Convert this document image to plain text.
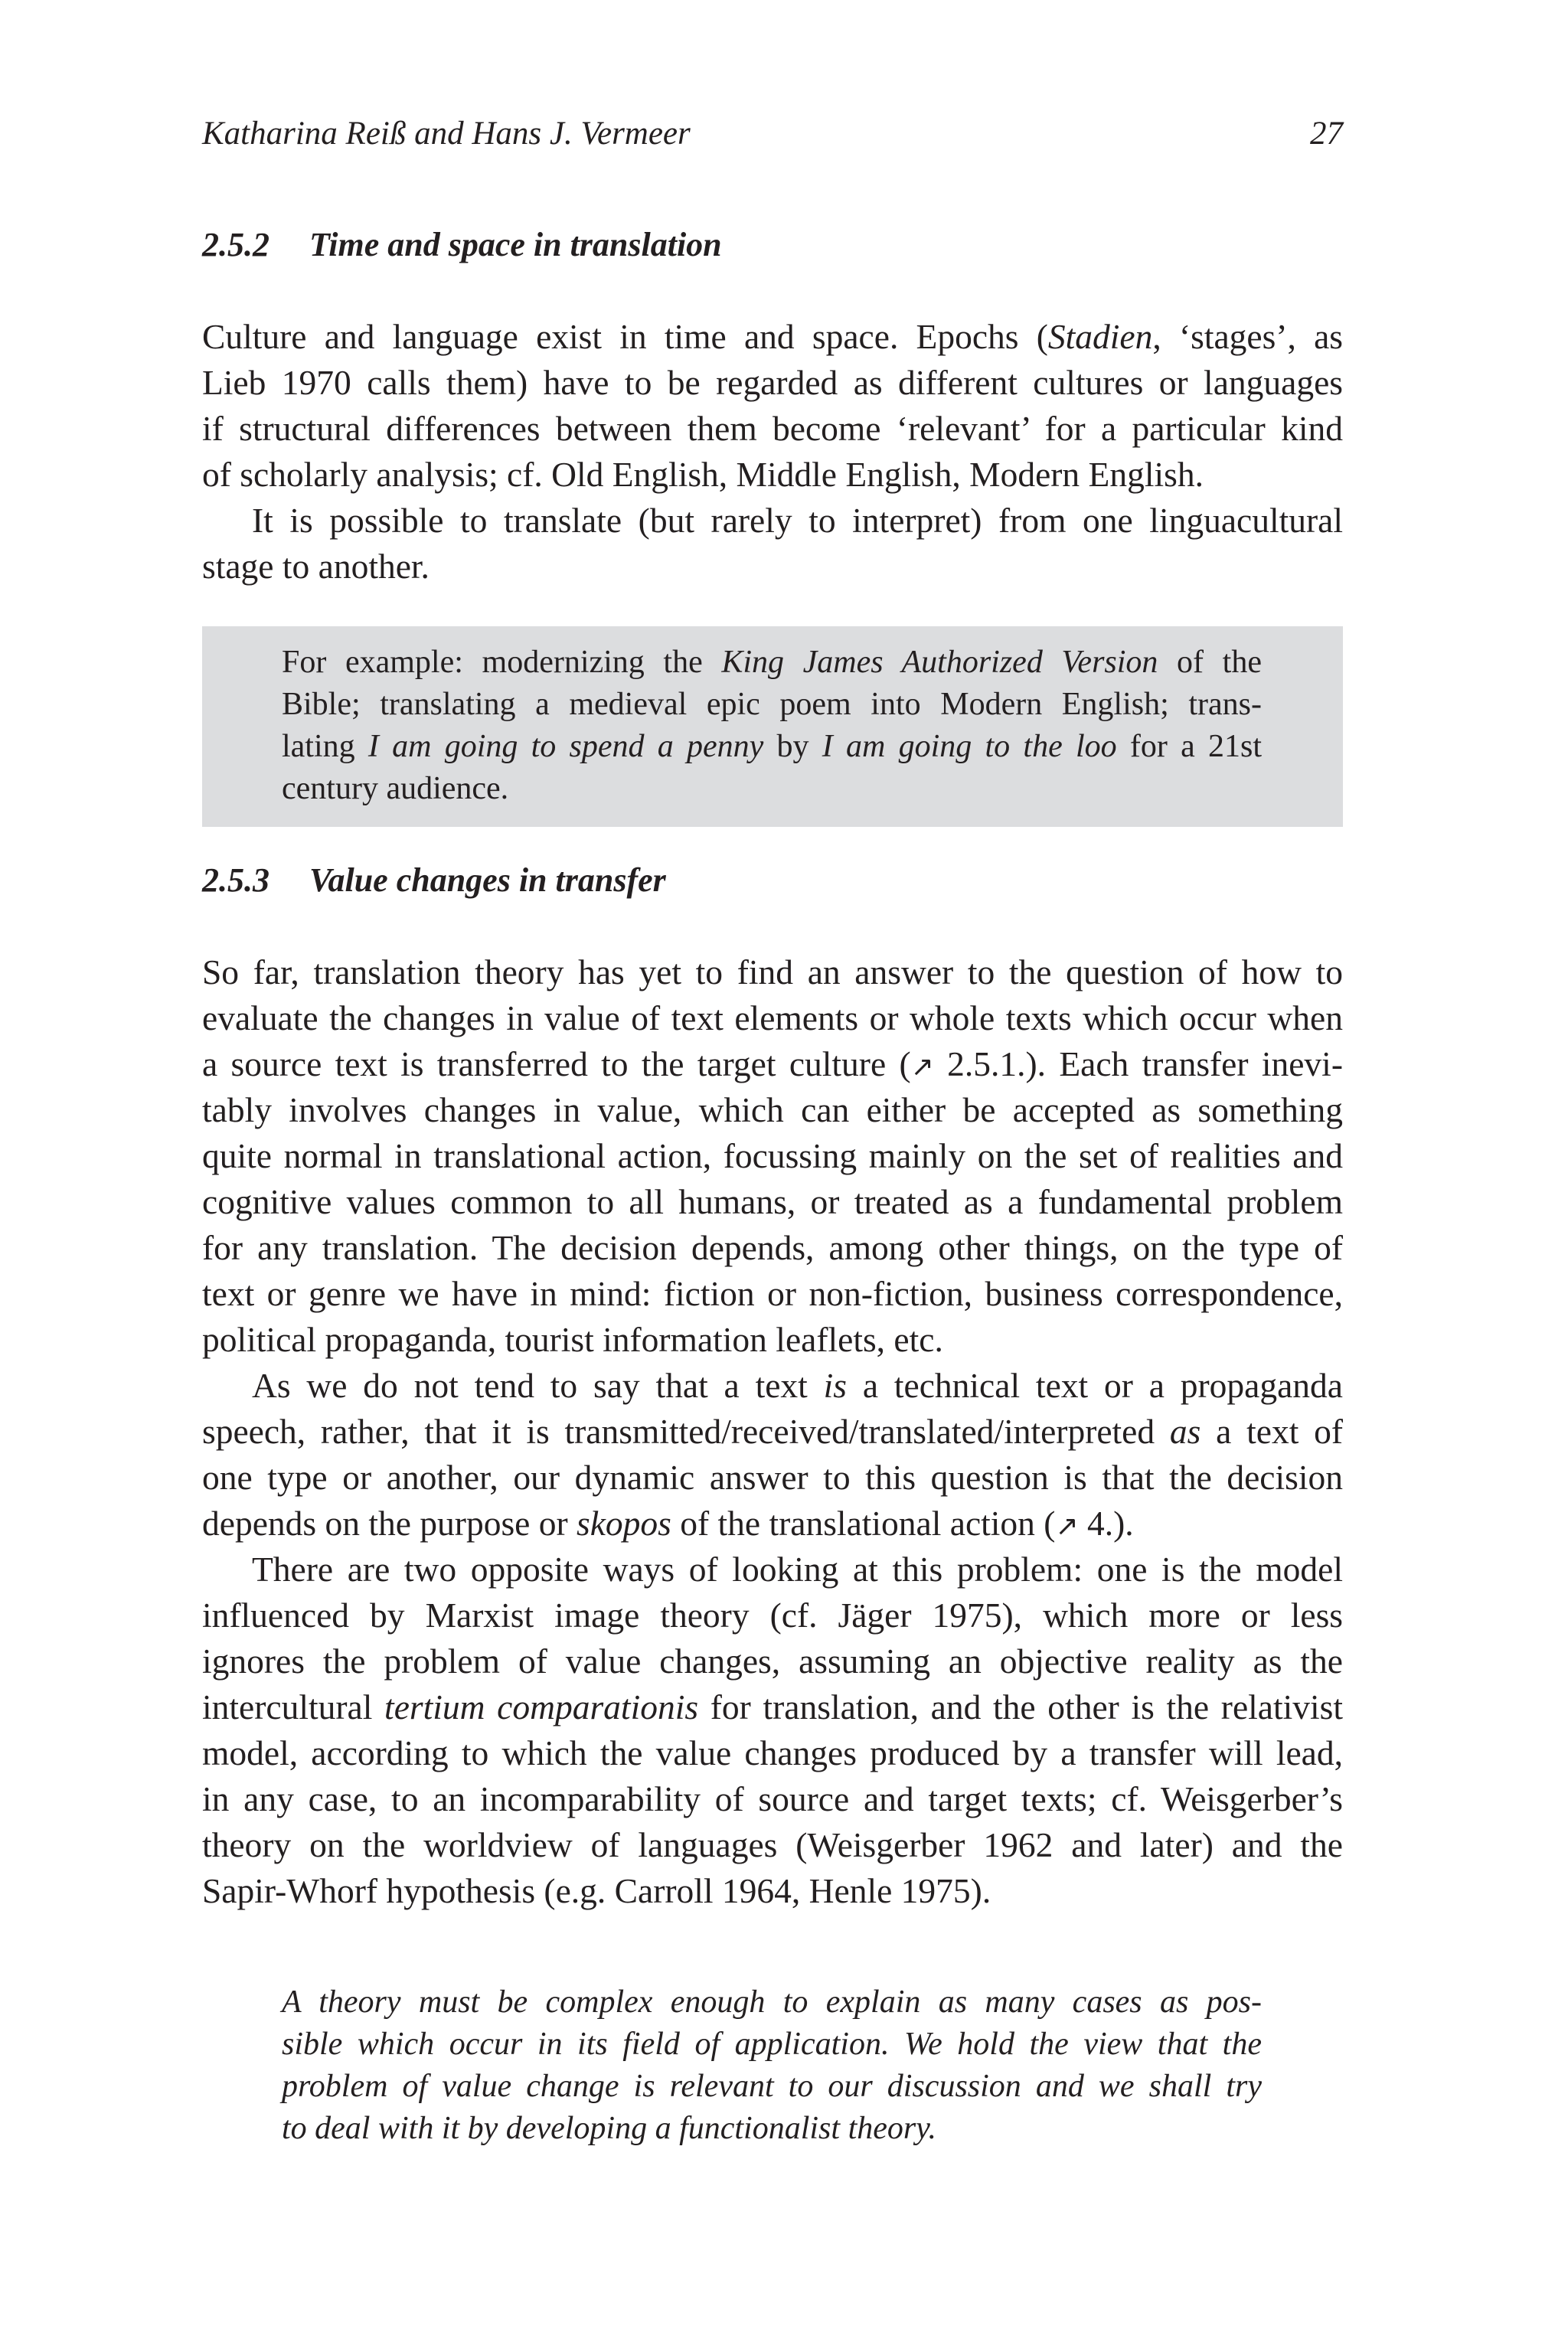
Katharina Reiß and Hans J. Vermeer	27
2.5.2 Time and space in translation
Culture and language exist in time and space. Epochs (Stadien, ‘stages’, as
Lieb 1970 calls them) have to be regarded as different cultures or languages
if structural differences between them become ‘relevant’ for a particular kind
of scholarly analysis; cf. Old English, Middle English, Modern English.
It is possible to translate (but rarely to interpret) from one linguacultural
stage to another.
For example: modernizing the King James Authorized Version of the
Bible; translating a medieval epic poem into Modern English; trans-
lating I am going to spend a penny by I am going to the loo for a 21st
century audience.
2.5.3 Value changes in transfer
So far, translation theory has yet to find an answer to the question of how to
evaluate the changes in value of text elements or whole texts which occur when
a source text is transferred to the target culture (↗ 2.5.1.). Each transfer inevi-
tably involves changes in value, which can either be accepted as something
quite normal in translational action, focussing mainly on the set of realities and
cognitive values common to all humans, or treated as a fundamental problem
for any translation. The decision depends, among other things, on the type of
text or genre we have in mind: fiction or non-fiction, business correspondence,
political propaganda, tourist information leaflets, etc.
As we do not tend to say that a text is a technical text or a propaganda
speech, rather, that it is transmitted/received/translated/interpreted as a text of
one type or another, our dynamic answer to this question is that the decision
depends on the purpose or skopos of the translational action (↗ 4.).
There are two opposite ways of looking at this problem: one is the model
influenced by Marxist image theory (cf. Jäger 1975), which more or less
ignores the problem of value changes, assuming an objective reality as the
intercultural tertium comparationis for translation, and the other is the relativist
model, according to which the value changes produced by a transfer will lead,
in any case, to an incomparability of source and target texts; cf. Weisgerber’s
theory on the worldview of languages (Weisgerber 1962 and later) and the
Sapir-Whorf hypothesis (e.g. Carroll 1964, Henle 1975).
A theory must be complex enough to explain as many cases as pos-
sible which occur in its field of application. We hold the view that the
problem of value change is relevant to our discussion and we shall try
to deal with it by developing a functionalist theory.
